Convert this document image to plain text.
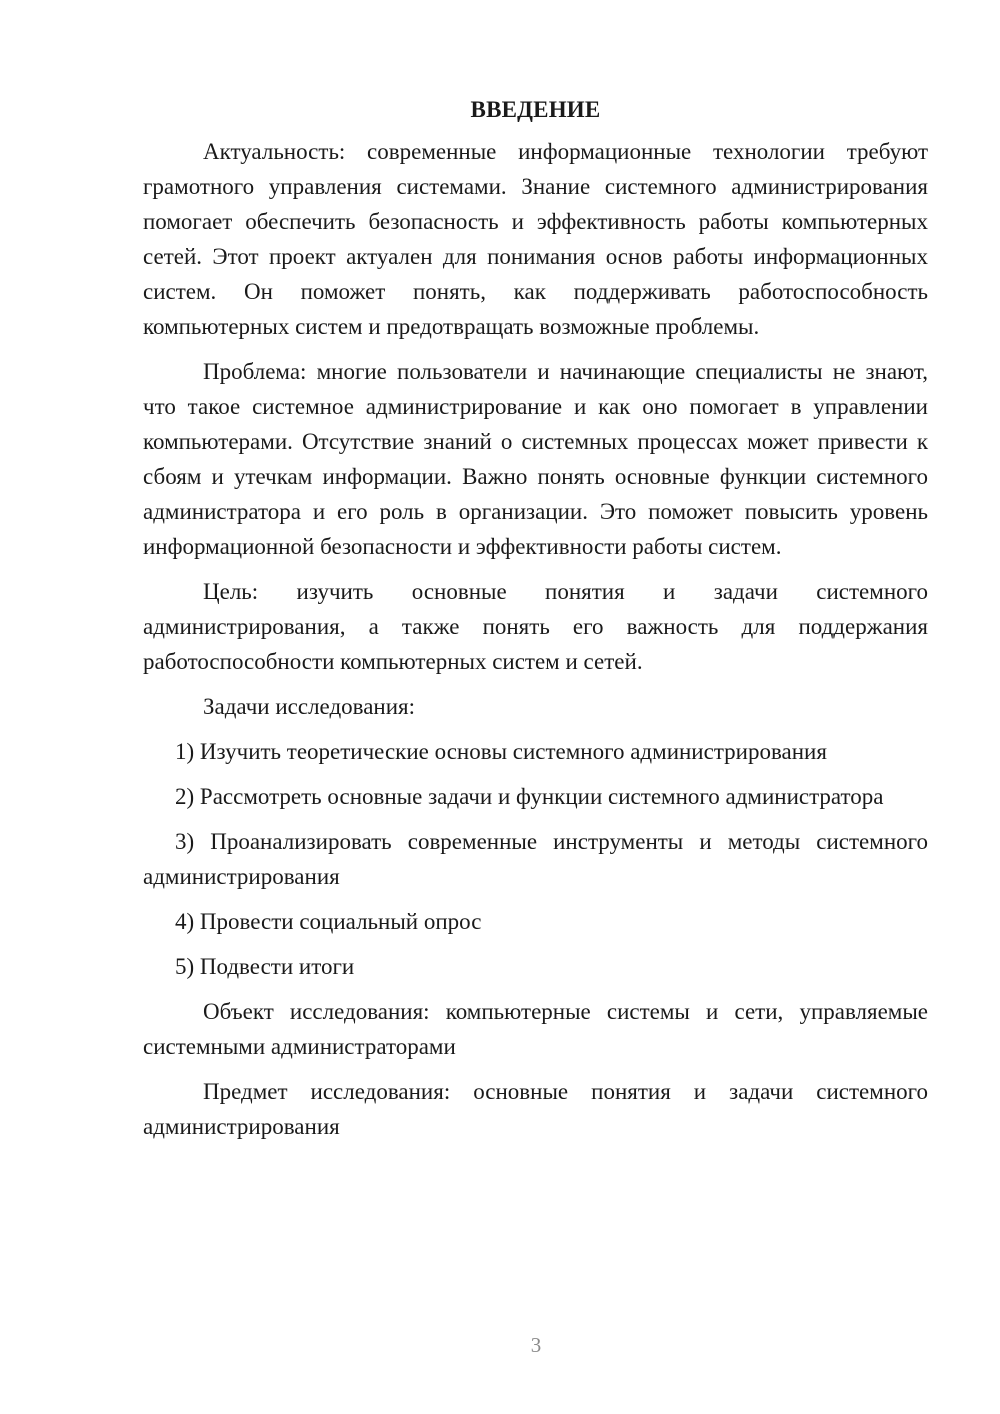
ВВЕДЕНИЕ

Актуальность: современные информационные технологии требуют грамотного управления системами. Знание системного администрирования помогает обеспечить безопасность и эффективность работы компьютерных сетей. Этот проект актуален для понимания основ работы информационных систем. Он поможет понять, как поддерживать работоспособность компьютерных систем и предотвращать возможные проблемы.

Проблема: многие пользователи и начинающие специалисты не знают, что такое системное администрирование и как оно помогает в управлении компьютерами. Отсутствие знаний о системных процессах может привести к сбоям и утечкам информации. Важно понять основные функции системного администратора и его роль в организации. Это поможет повысить уровень информационной безопасности и эффективности работы систем.

Цель: изучить основные понятия и задачи системного администрирования, а также понять его важность для поддержания работоспособности компьютерных систем и сетей.

Задачи исследования:

1) Изучить теоретические основы системного администрирования

2) Рассмотреть основные задачи и функции системного администратора

3) Проанализировать современные инструменты и методы системного администрирования

4) Провести социальный опрос

5) Подвести итоги

Объект исследования: компьютерные системы и сети, управляемые системными администраторами

Предмет исследования: основные понятия и задачи системного администрирования

3
